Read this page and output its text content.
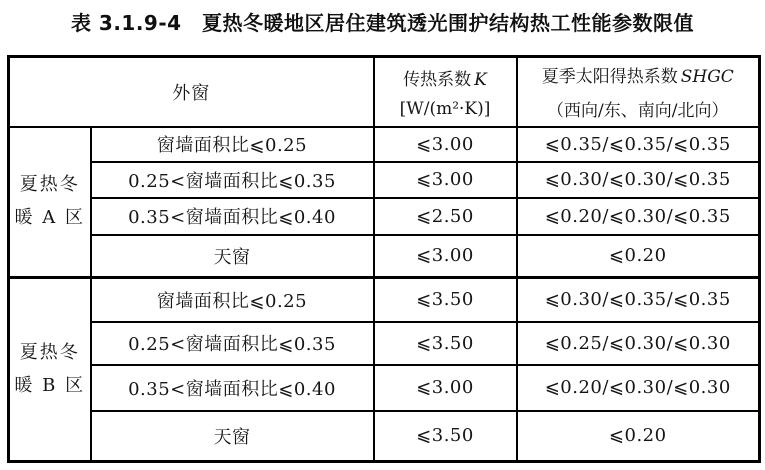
表 3.1.9-4　夏热冬暖地区居住建筑透光围护结构热工性能参数限值
外窗	
传热系数 K
[W/(m²·K)]

夏季太阳得热系数 SHGC
（西向/东、南向/北向）

夏热冬
暖 A 区	窗墙面积比⩽0.25	⩽3.00	⩽0.35/⩽0.35/⩽0.35
	0.25<窗墙面积比⩽0.35	⩽3.00	⩽0.30/⩽0.30/⩽0.35
	0.35<窗墙面积比⩽0.40	⩽2.50	⩽0.20/⩽0.30/⩽0.35
	天窗	⩽3.00	⩽0.20

夏热冬
暖 B 区	窗墙面积比⩽0.25	⩽3.50	⩽0.30/⩽0.35/⩽0.35
	0.25<窗墙面积比⩽0.35	⩽3.50	⩽0.25/⩽0.30/⩽0.30
	0.35<窗墙面积比⩽0.40	⩽3.00	⩽0.20/⩽0.30/⩽0.30
	天窗	⩽3.50	⩽0.20
